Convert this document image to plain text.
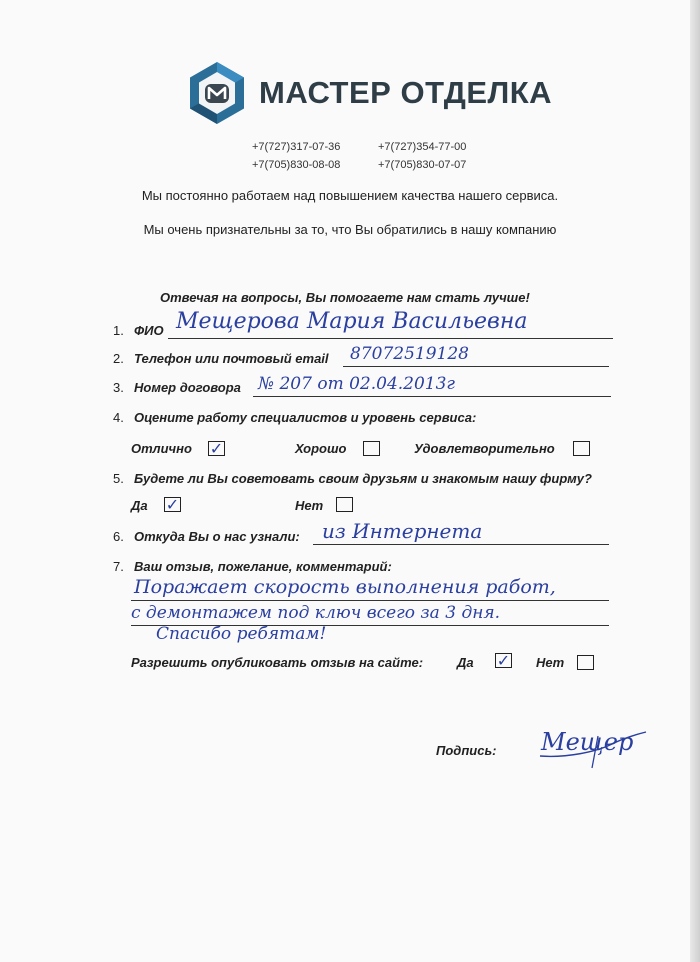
МАСТЕР ОТДЕЛКА
+7(727)317-07-36	+7(727)354-77-00
+7(705)830-08-08	+7(705)830-07-07
Мы постоянно работаем над повышением качества нашего сервиса.
Мы очень признательны за то, что Вы обратились в нашу компанию
Отвечая на вопросы, Вы помогаете нам стать лучше!
1. ФИО Мещерова Мария Васильевна
2. Телефон или почтовый email 87072519128
3. Номер договора № 207 от 02.04.2013г
4. Оцените работу специалистов и уровень сервиса:
Отлично ✓	Хорошо	Удовлетворительно
5. Будете ли Вы советовать своим друзьям и знакомым нашу фирму?
Да ✓	Нет
6. Откуда Вы о нас узнали: из Интернета
7. Ваш отзыв, пожелание, комментарий:
Поражает скорость выполнения работ,
с демонтажем под ключ всего за 3 дня.
Спасибо ребятам!
Разрешить опубликовать отзыв на сайте:	Да ✓ Нет
Подпись: Мещер
